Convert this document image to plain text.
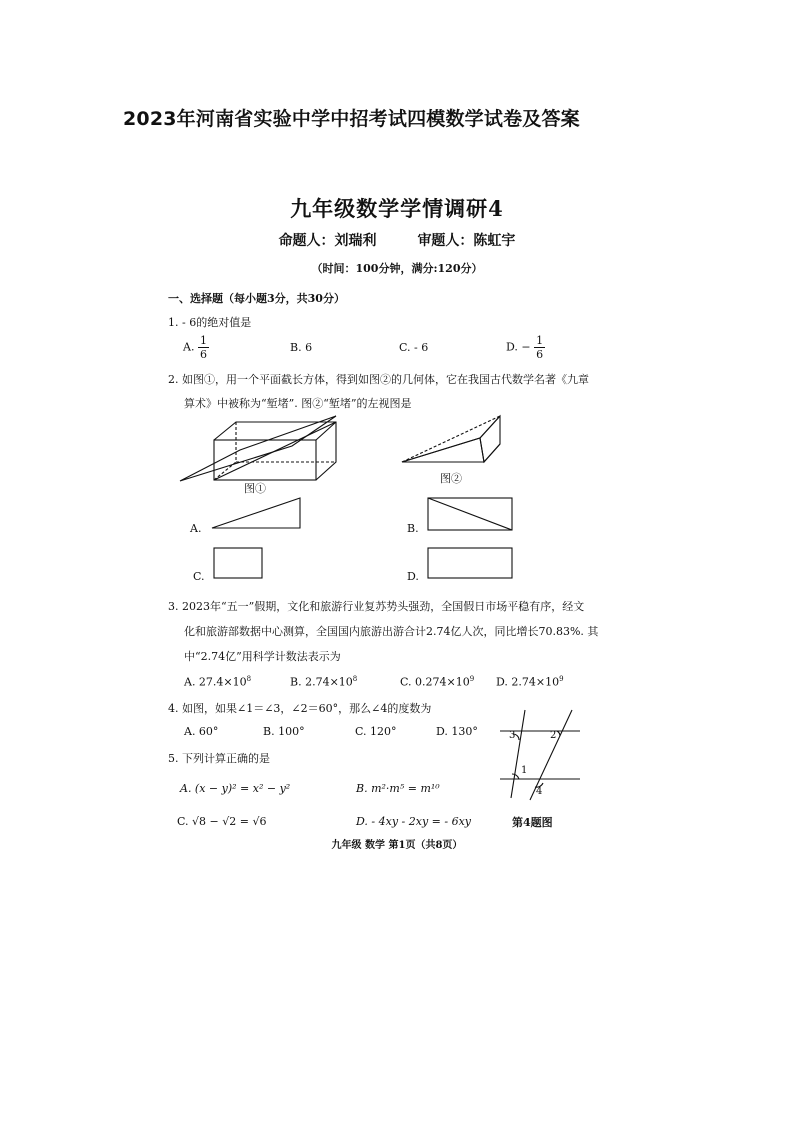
2023年河南省实验中学中招考试四模数学试卷及答案
九年级数学学情调研4
命题人：刘瑞利	审题人：陈虹宇
（时间：100分钟，满分:120分）
一、选择题（每小题3分，共30分）
1. - 6的绝对值是
A. $\frac{1}{6}$	B. 6	C. - 6	D. − $\frac{1}{6}$
2. 如图①，用一个平面截长方体，得到如图②的几何体，它在我国古代数学名著《九章
算术》中被称为“堑堵”. 图②“堑堵”的左视图是
图①
图②
A.	B.
C.	D.
3. 2023年“五一”假期，文化和旅游行业复苏势头强劲，全国假日市场平稳有序，经文
化和旅游部数据中心测算，全国国内旅游出游合计2.74亿人次，同比增长70.83%. 其
中“2.74亿”用科学计数法表示为
A. $27.4\times 10^8$	B. $2.74\times 10^8$	C. $0.274\times 10^9$ D. $2.74\times 10^9$
4. 如图，如果∠1＝∠3，∠2＝60°，那么∠4的度数为
A. 60°	B. 100°	C. 120°	D. 130°	3	2
1
4
第4题图
5. 下列计算正确的是
A. (x − y)² = x² − y²	B. m²·m⁵ = m¹⁰
C. √8 − √2 = √6	D. - 4xy - 2xy = - 6xy
九年级 数学 第1页（共8页）
